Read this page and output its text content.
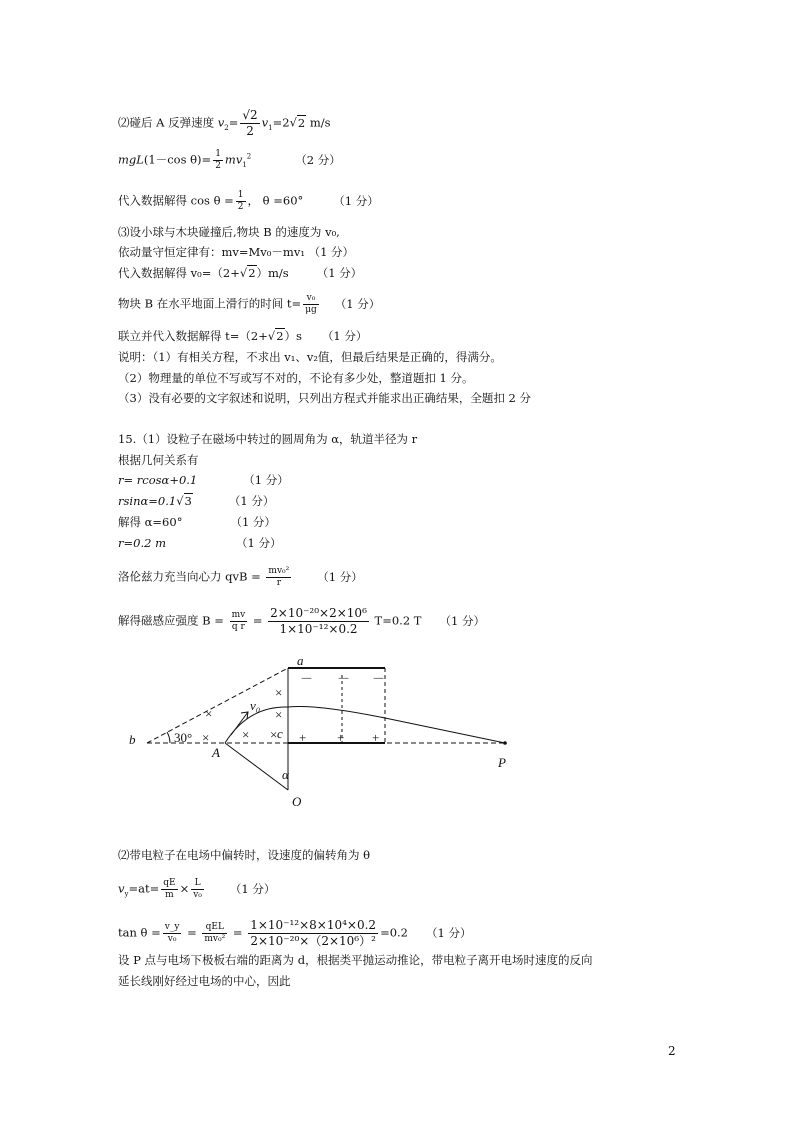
⑵碰后 A 反弹速度 $v_2= \frac{√2}{2} v_1=2√2$ m/s
mgL(1－cos $\theta)= \frac{1}{2} mv_1^2$	（2 分）
代入数据解得 $\cos \theta = \frac{1}{2}$ ， θ =60°	（1 分）
⑶设小球与木块碰撞后,物块 B 的速度为 v₀,
依动量守恒定律有：mv=Mv₀－mv₁ （1 分）
代入数据解得 v₀=（2+√2）m/s （1 分）
物块 B 在水平地面上滑行的时间 $t= \frac{\text{v₀}}{\mu g} (1$ 分）
联立并代入数据解得 t=（2+√2）s （1 分）
说明：（1）有相关方程，不求出 v₁、v₂值，但最后结果是正确的，得满分。
（2）物理量的单位不写或写不对的，不论有多少处，整道题扣 1 分。
（3）没有必要的文字叙述和说明，只列出方程式并能求出正确结果，全题扣 2 分
15.（1）设粒子在磁场中转过的圆周角为 α，轨道半径为 r
根据几何关系有
r= rcosα+0.1	（1 分）
rsinα=0.1√3	（1 分）
解得 α=60°	（1 分）
r=0.2 m	（1 分）
洛伦兹力充当向心力 qvB = $\frac{\text{mv₀²}}{r} (1$ 分）
解得磁感应强度 $B = \frac{mv}{\text{q r}} = \frac{\text{2×10⁻²⁰×2×10⁶}}{\text{1×10⁻¹²×0.2}} T=0.2$ T （1 分）
a
b	30°
v₀
A
c
α
O
P
－ － －
+ + +
×
×	×
×	× ×
⑵带电粒子在电场中偏转时，设速度的偏转角为 θ
$v_y=at= \frac{qE}{m} \times \frac{L}{\text{v₀}} (1$ 分）
$\tan \theta = \frac{v\_y}{\text{v₀}} = \frac{\text{qEL}}{\text{mv₀²}} = \frac{\text{1×10⁻¹²×8×10⁴×0.2}}{\text{2×10⁻²⁰×（2×10⁶）²}} =0.2$ （1 分）
设 P 点与电场下极板右端的距离为 d，根据类平抛运动推论，带电粒子离开电场时速度的反向
延长线刚好经过电场的中心，因此
2
